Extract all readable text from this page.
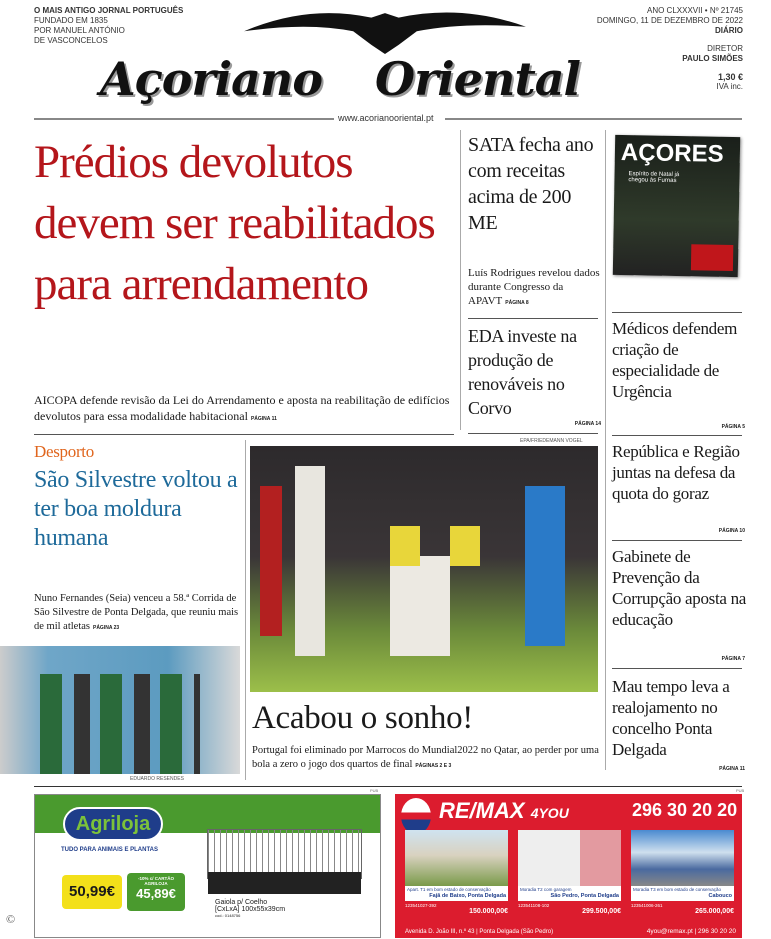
O MAIS ANTIGO JORNAL PORTUGUÊS
FUNDADO EM 1835
POR MANUEL ANTÓNIO
DE VASCONCELOS
Açoriano Oriental
ANO CLXXXVII • Nº 21745
DOMINGO, 11 DE DEZEMBRO DE 2022
DIÁRIO
DIRETOR
PAULO SIMÕES
1,30 €
IVA inc.
www.acorianooriental.pt
Prédios devolutos devem ser reabilitados para arrendamento
AICOPA defende revisão da Lei do Arrendamento e aposta na reabilitação de edifícios devolutos para essa modalidade habitacional PÁGINA 11
SATA fecha ano com receitas acima de 200 ME
Luís Rodrigues revelou dados durante Congresso da APAVT PÁGINA 8
EDA investe na produção de renováveis no Corvo
PÁGINA 14
AÇORES
Espírito de Natal já chegou às Furnas
Médicos defendem criação de especialidade de Urgência
PÁGINA 5
República e Região juntas na defesa da quota do goraz
PÁGINA 10
Gabinete de Prevenção da Corrupção aposta na educação
PÁGINA 7
Mau tempo leva a realojamento no concelho Ponta Delgada
PÁGINA 11
Desporto
São Silvestre voltou a ter boa moldura humana
Nuno Fernandes (Seia) venceu a 58.ª Corrida de São Silvestre de Ponta Delgada, que reuniu mais de mil atletas PÁGINA 23
EDUARDO RESENDES
EPA/FRIEDEMANN VOGEL
Acabou o sonho!
Portugal foi eliminado por Marrocos do Mundial2022 no Qatar, ao perder por uma bola a zero o jogo dos quartos de final PÁGINAS 2 E 3
PUB
Agriloja
TUDO PARA ANIMAIS E PLANTAS
50,99€
-10% c/ CARTÃO AGRILOJA
45,89€
Gaiola p/ Coelho
[CxLxA] 100x55x39cm
cod.: 0148756
©
PUB
RE/MAX 4YOU	296 30 20 20
Apart. T1 em bom estado de conservação
Fajã de Baixo, Ponta Delgada
123541027-392
150.000,00€
Moradia T2 com garagem
São Pedro, Ponta Delgada
123541108-102
299.500,00€
Moradia T3 em bom estado de conservação
Cabouco
123541006-261
265.000,00€
Avenida D. João III, n.º 43 | Ponta Delgada (São Pedro)	4you@remax.pt | 296 30 20 20
